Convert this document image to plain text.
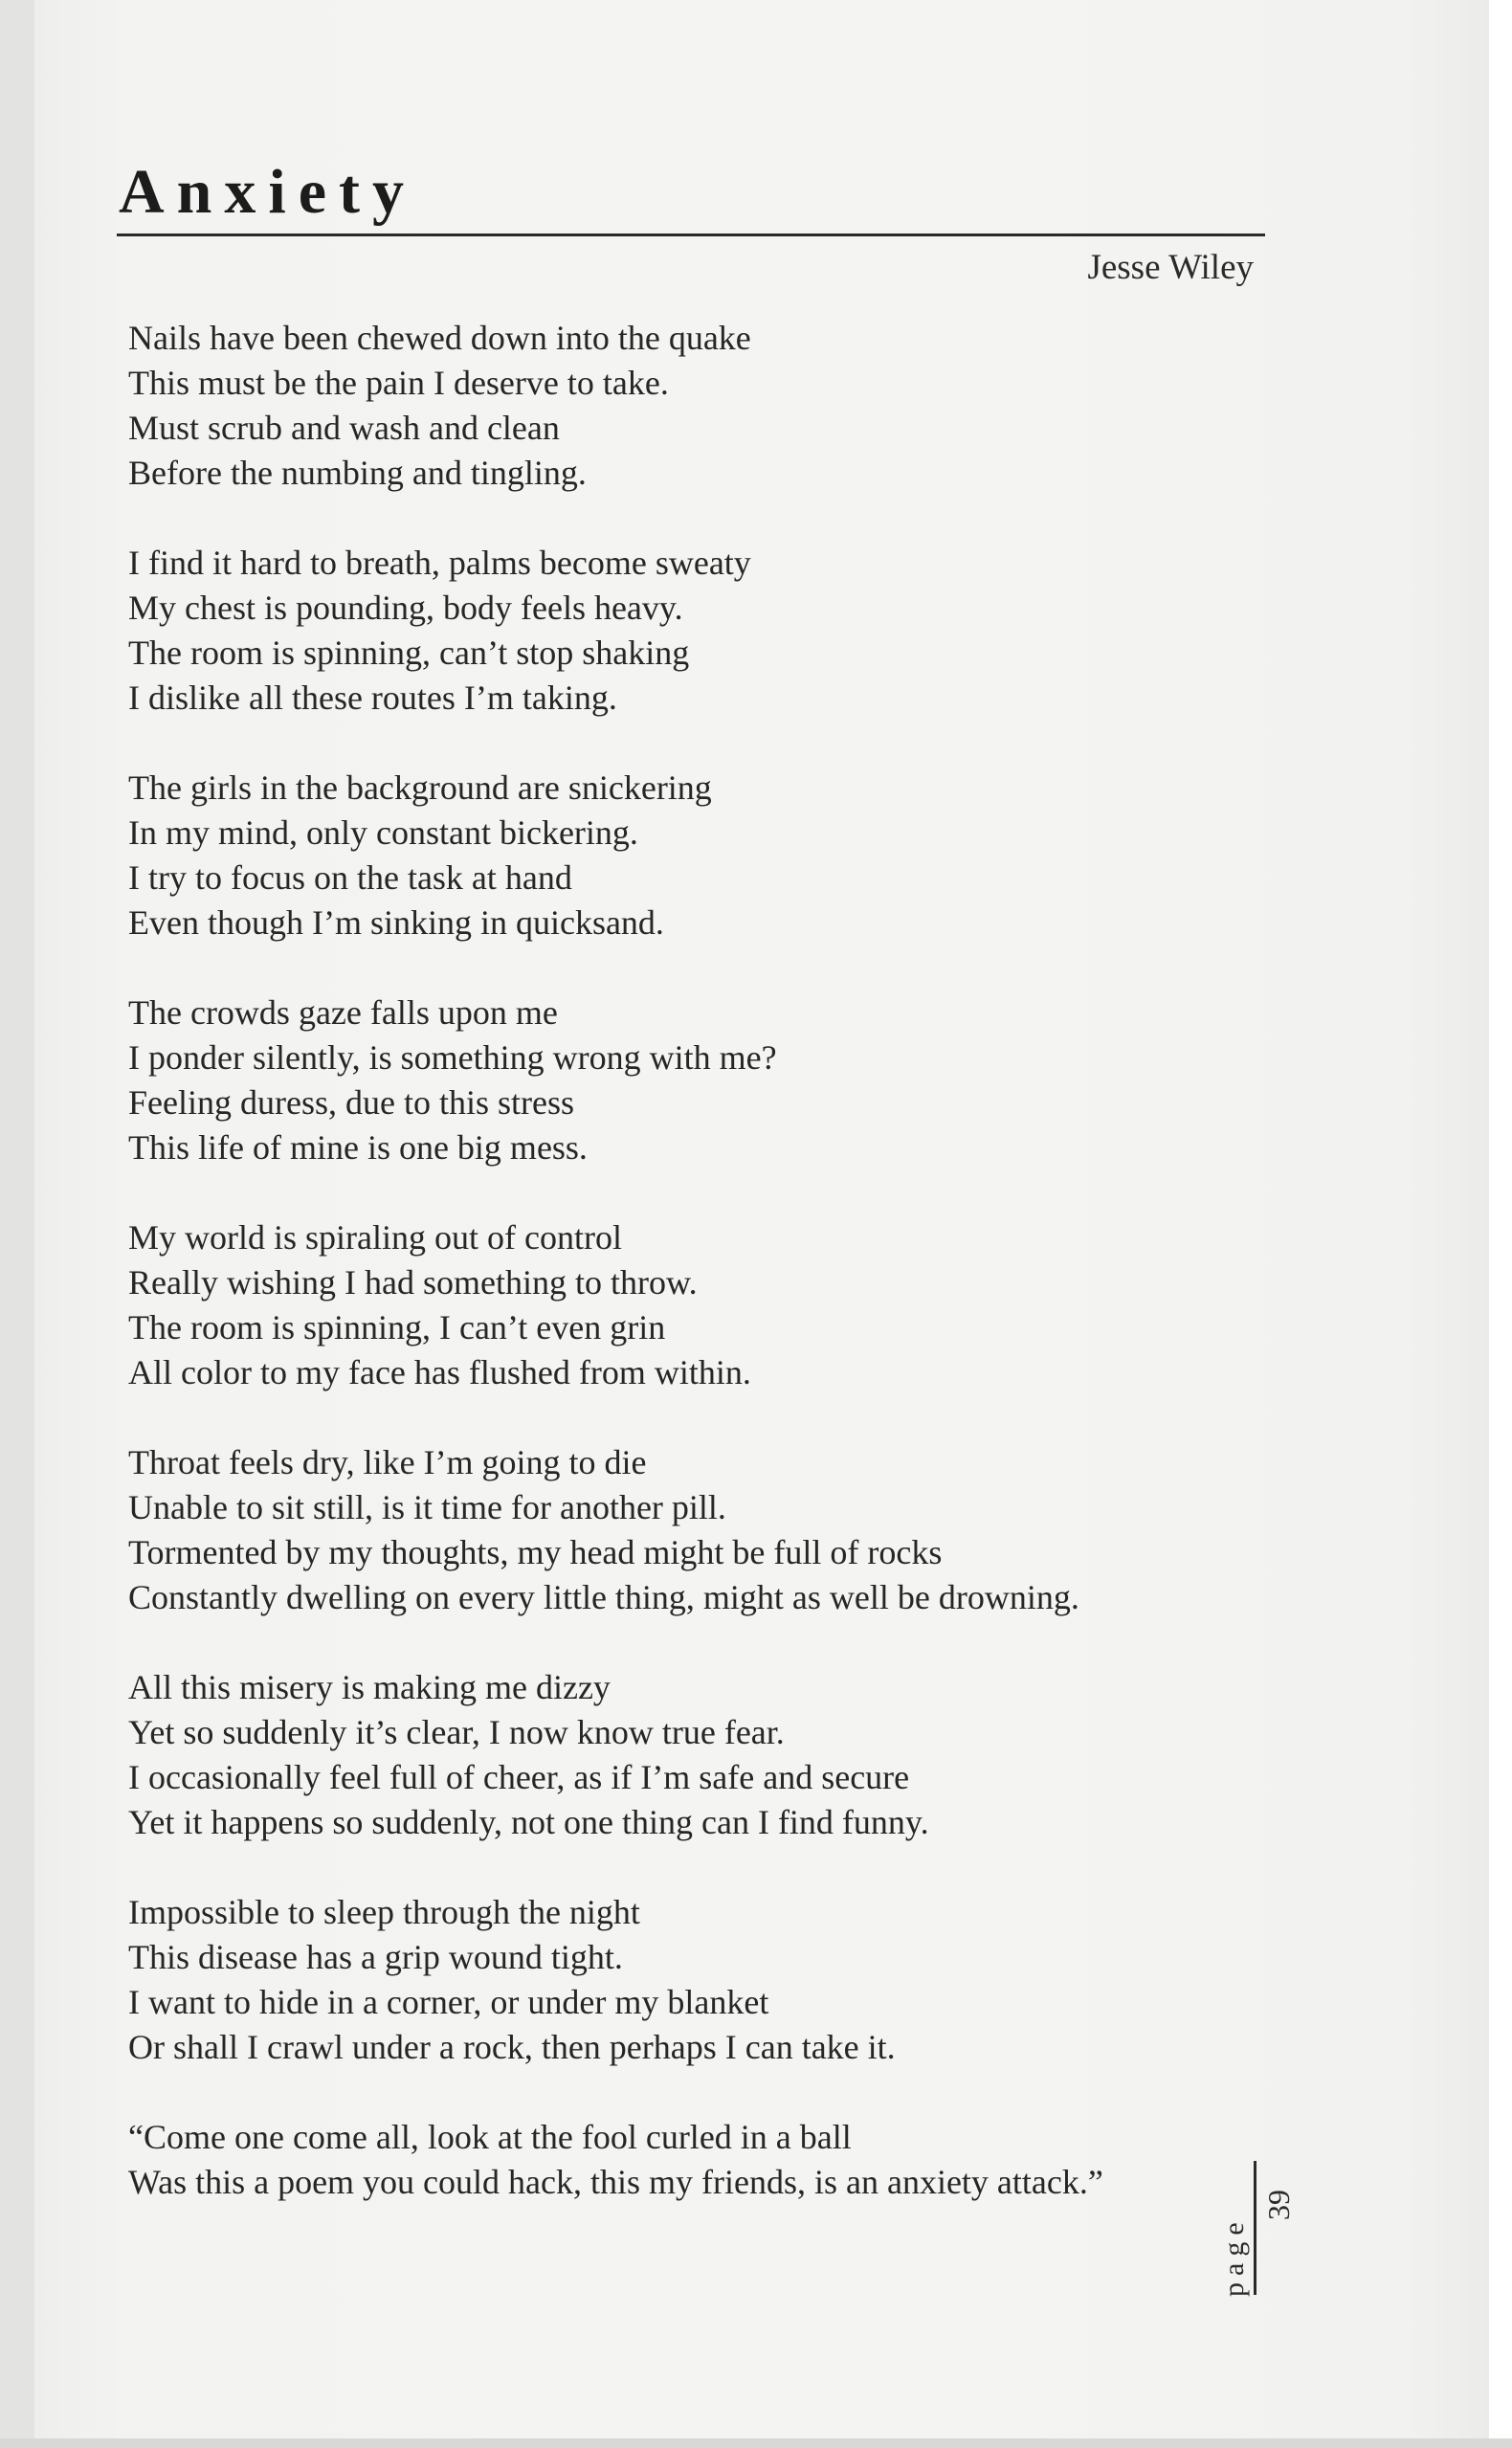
Anxiety
Jesse Wiley
Nails have been chewed down into the quake
This must be the pain I deserve to take.
Must scrub and wash and clean
Before the numbing and tingling.
I find it hard to breath, palms become sweaty
My chest is pounding, body feels heavy.
The room is spinning, can’t stop shaking
I dislike all these routes I’m taking.
The girls in the background are snickering
In my mind, only constant bickering.
I try to focus on the task at hand
Even though I’m sinking in quicksand.
The crowds gaze falls upon me
I ponder silently, is something wrong with me?
Feeling duress, due to this stress
This life of mine is one big mess.
My world is spiraling out of control
Really wishing I had something to throw.
The room is spinning, I can’t even grin
All color to my face has flushed from within.
Throat feels dry, like I’m going to die
Unable to sit still, is it time for another pill.
Tormented by my thoughts, my head might be full of rocks
Constantly dwelling on every little thing, might as well be drowning.
All this misery is making me dizzy
Yet so suddenly it’s clear, I now know true fear.
I occasionally feel full of cheer, as if I’m safe and secure
Yet it happens so suddenly, not one thing can I find funny.
Impossible to sleep through the night
This disease has a grip wound tight.
I want to hide in a corner, or under my blanket
Or shall I crawl under a rock, then perhaps I can take it.
“Come one come all, look at the fool curled in a ball
Was this a poem you could hack, this my friends, is an anxiety attack.”
page
39
